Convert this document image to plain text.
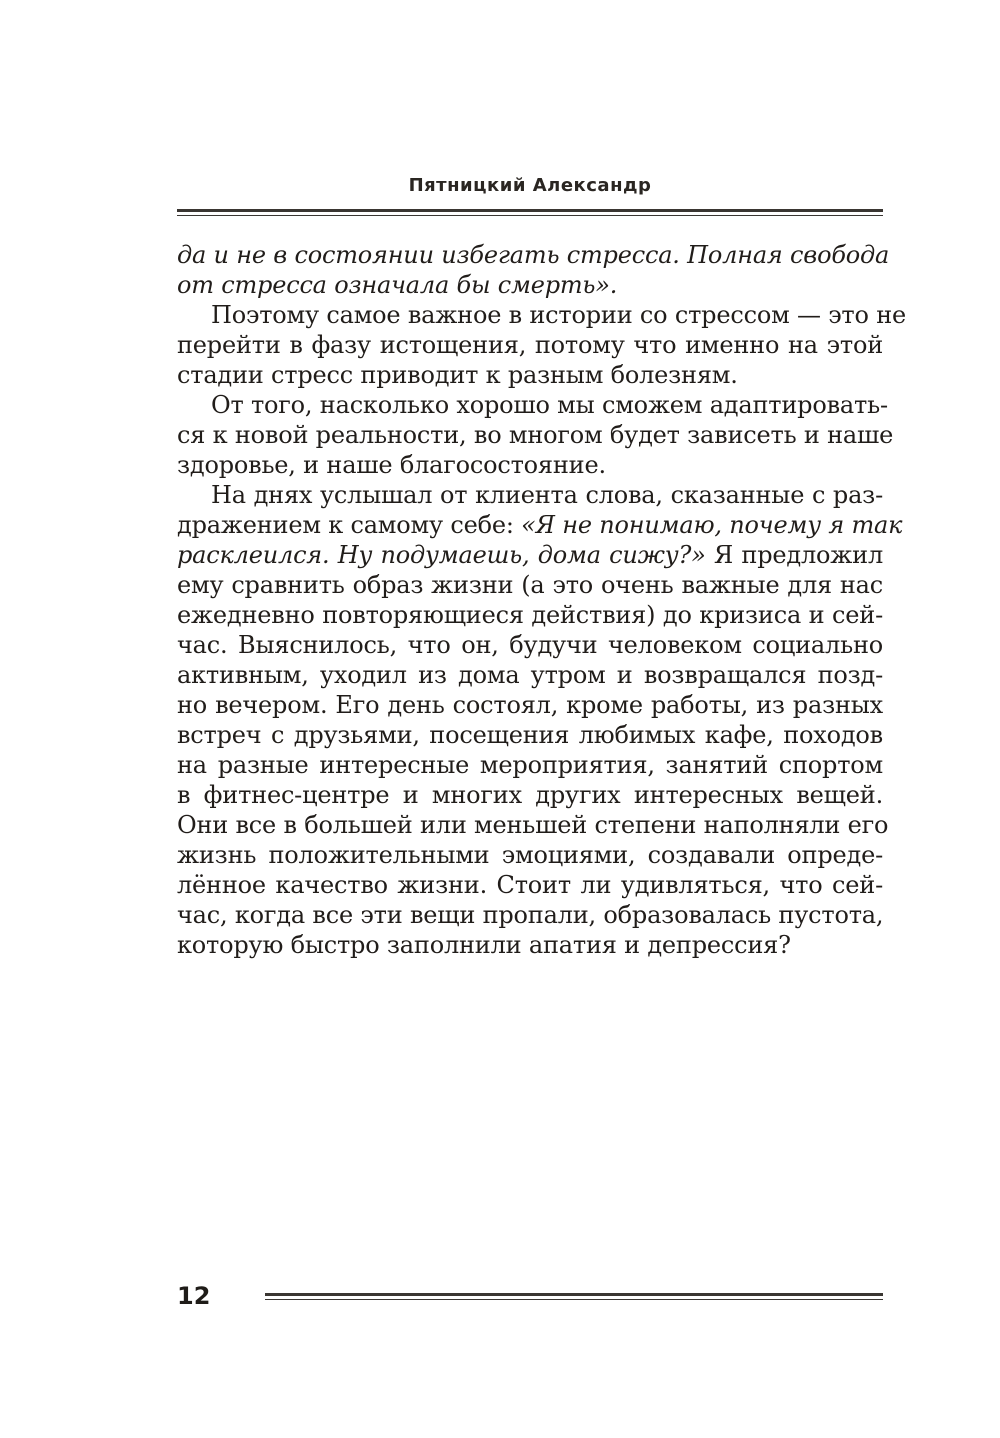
Пятницкий Александр
да и не в состоянии избегать стресса. Полная свобода
от стресса означала бы смерть».
Поэтому самое важное в истории со стрессом — это не
перейти в фазу истощения, потому что именно на этой
стадии стресс приводит к разным болезням.
От того, насколько хорошо мы сможем адаптировать-
ся к новой реальности, во многом будет зависеть и наше
здоровье, и наше благосостояние.
На днях услышал от клиента слова, сказанные с раз-
дражением к самому себе: «Я не понимаю, почему я так
расклеился. Ну подумаешь, дома сижу?» Я предложил
ему сравнить образ жизни (а это очень важные для нас
ежедневно повторяющиеся действия) до кризиса и сей-
час. Выяснилось, что он, будучи человеком социально
активным, уходил из дома утром и возвращался позд-
но вечером. Его день состоял, кроме работы, из разных
встреч с друзьями, посещения любимых кафе, походов
на разные интересные мероприятия, занятий спортом
в фитнес-центре и многих других интересных вещей.
Они все в большей или меньшей степени наполняли его
жизнь положительными эмоциями, создавали опреде-
лённое качество жизни. Стоит ли удивляться, что сей-
час, когда все эти вещи пропали, образовалась пустота,
которую быстро заполнили апатия и депрессия?
12
